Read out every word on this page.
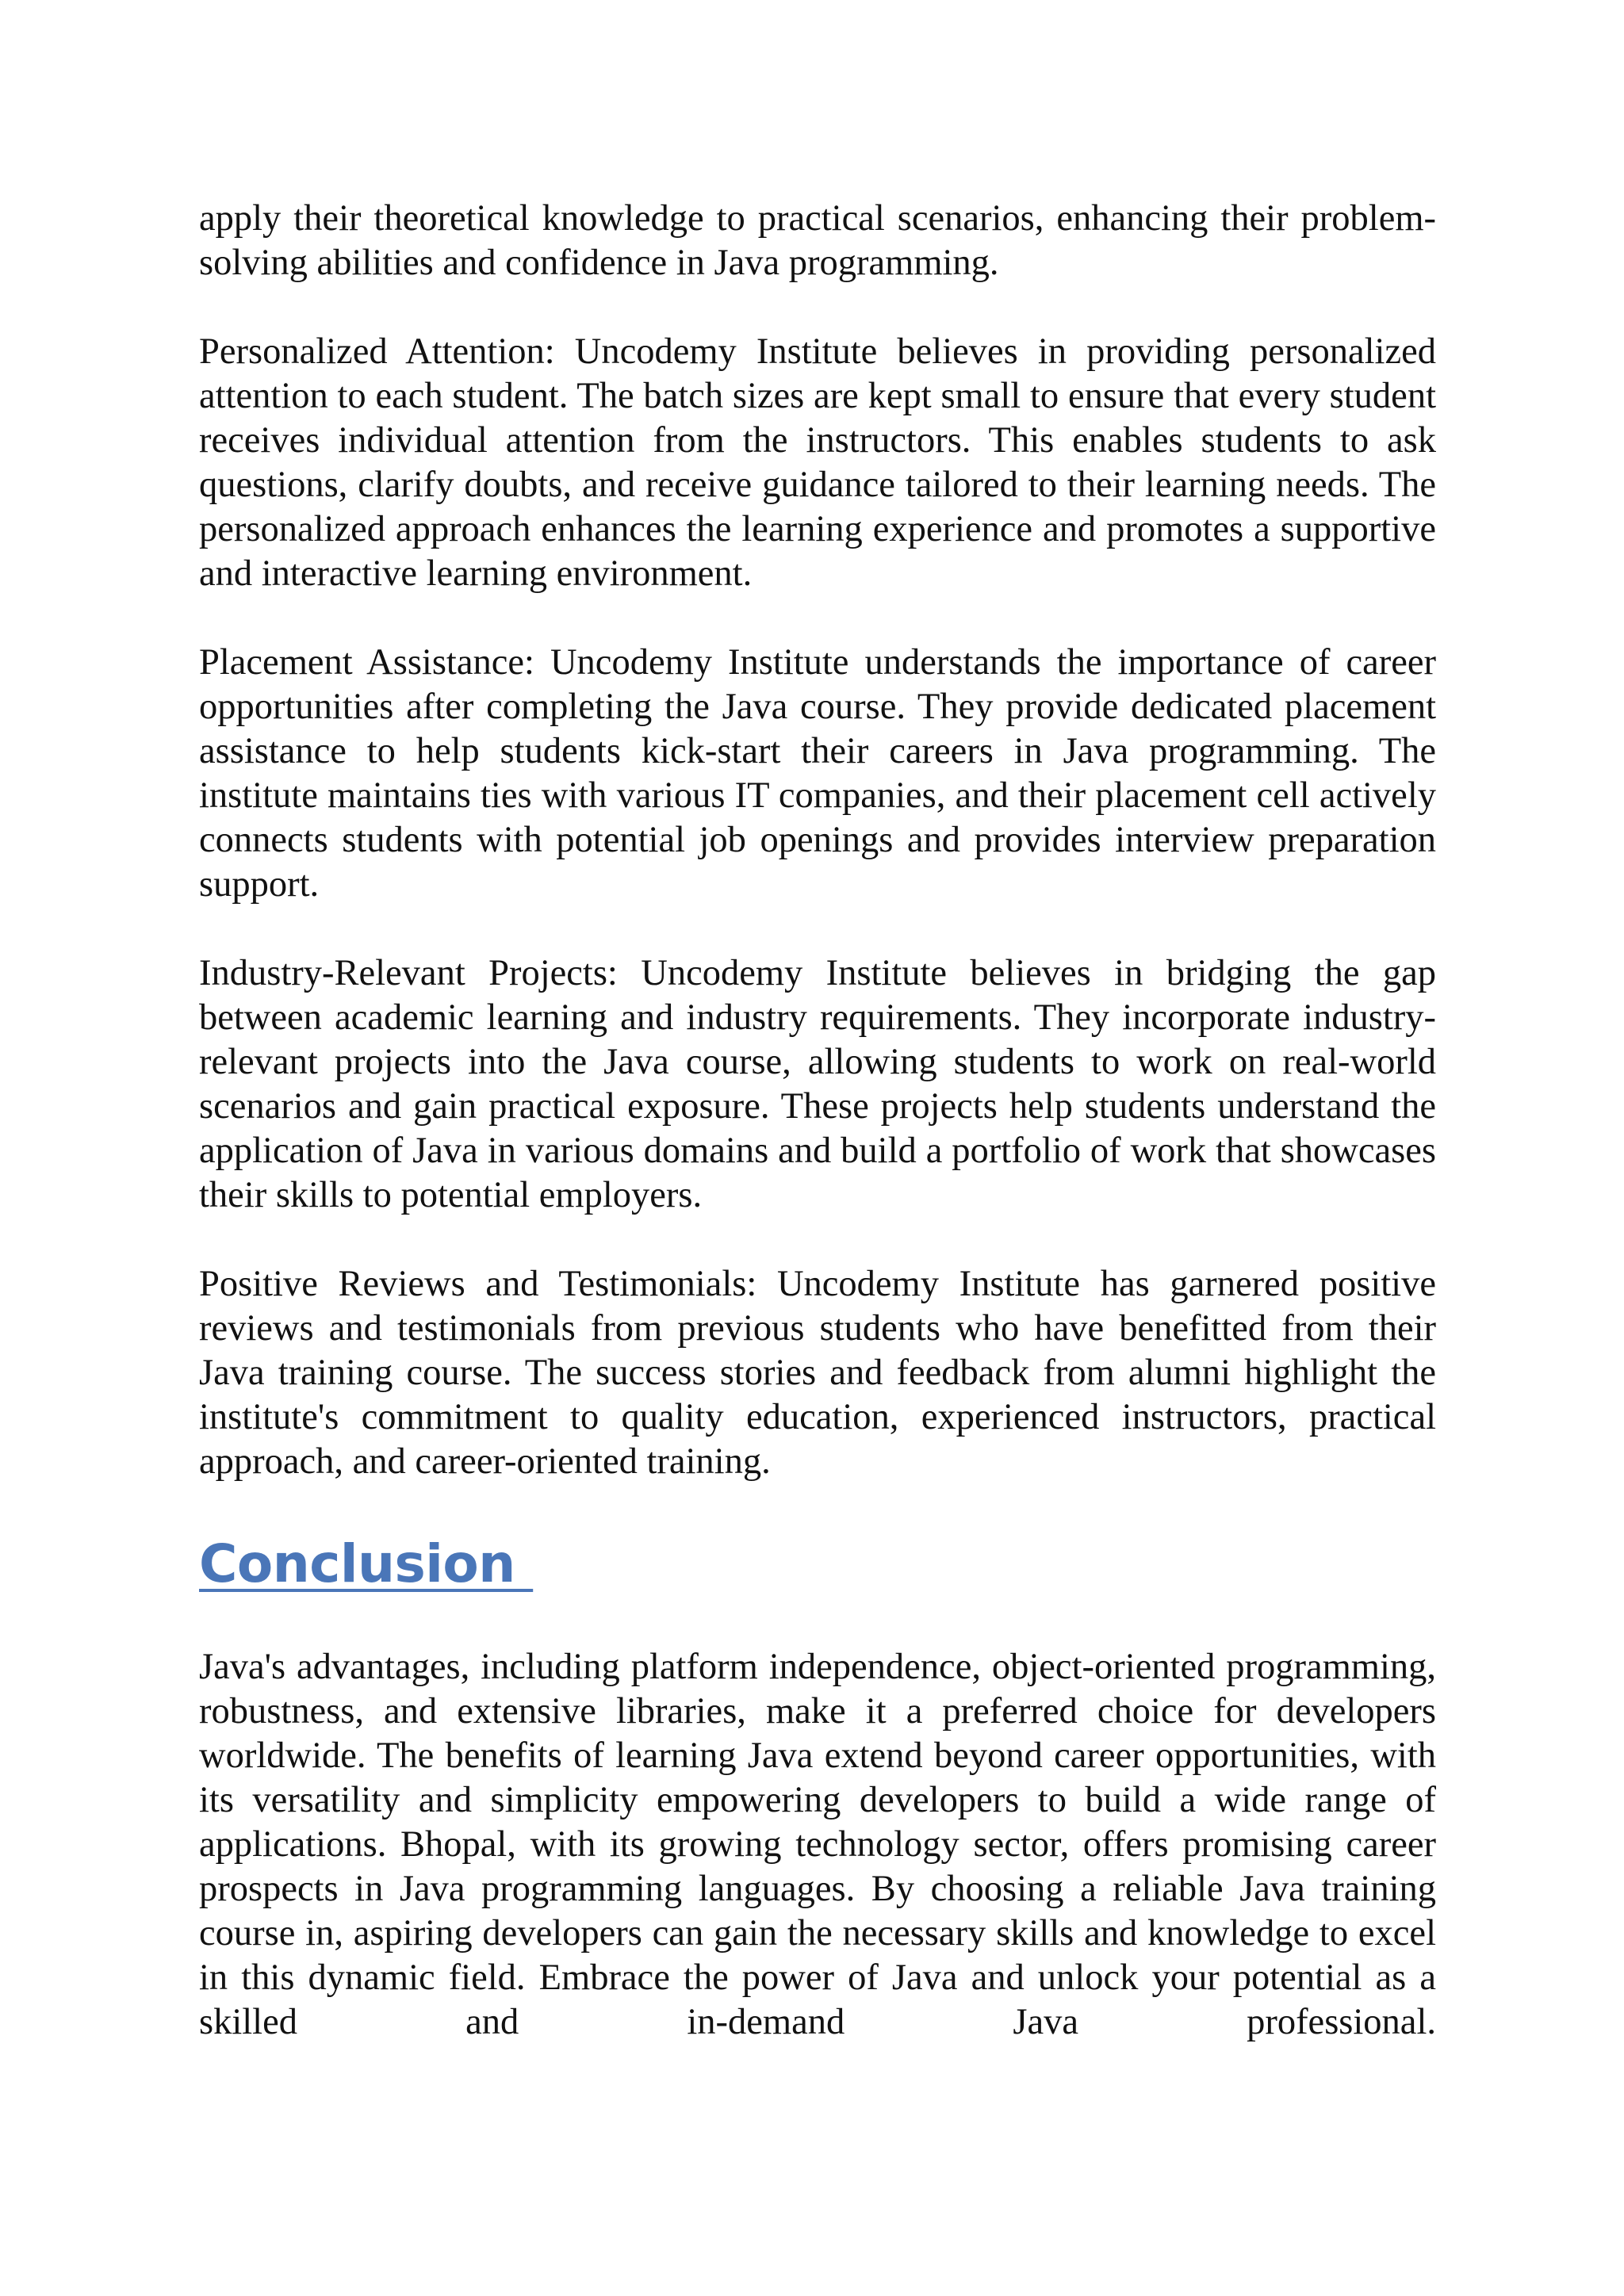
apply their theoretical knowledge to practical scenarios, enhancing their problem-solving abilities and confidence in Java programming.

Personalized Attention: Uncodemy Institute believes in providing personalized attention to each student. The batch sizes are kept small to ensure that every student receives individual attention from the instructors. This enables students to ask questions, clarify doubts, and receive guidance tailored to their learning needs. The personalized approach enhances the learning experience and promotes a supportive and interactive learning environment.

Placement Assistance: Uncodemy Institute understands the importance of career opportunities after completing the Java course. They provide dedicated placement assistance to help students kick-start their careers in Java programming. The institute maintains ties with various IT companies, and their placement cell actively connects students with potential job openings and provides interview preparation support.

Industry-Relevant Projects: Uncodemy Institute believes in bridging the gap between academic learning and industry requirements. They incorporate industry-relevant projects into the Java course, allowing students to work on real-world scenarios and gain practical exposure. These projects help students understand the application of Java in various domains and build a portfolio of work that showcases their skills to potential employers.

Positive Reviews and Testimonials: Uncodemy Institute has garnered positive reviews and testimonials from previous students who have benefitted from their Java training course. The success stories and feedback from alumni highlight the institute's commitment to quality education, experienced instructors, practical approach, and career-oriented training.

Conclusion

Java's advantages, including platform independence, object-oriented programming, robustness, and extensive libraries, make it a preferred choice for developers worldwide. The benefits of learning Java extend beyond career opportunities, with its versatility and simplicity empowering developers to build a wide range of applications. Bhopal, with its growing technology sector, offers promising career prospects in Java programming languages. By choosing a reliable Java training course in, aspiring developers can gain the necessary skills and knowledge to excel in this dynamic field. Embrace the power of Java and unlock your potential as a skilled and in-demand Java professional.
